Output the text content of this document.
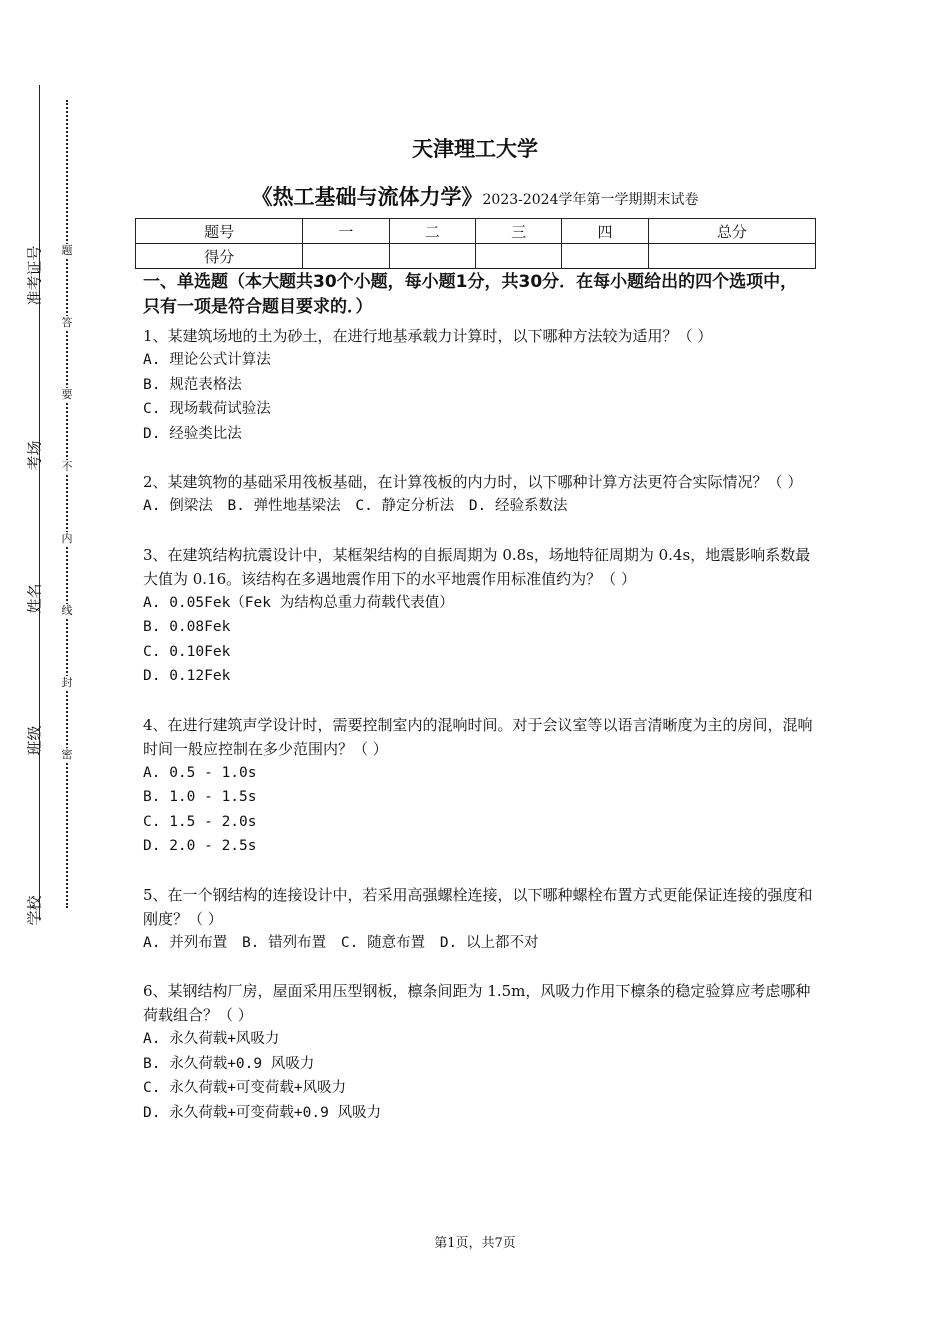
准考证号
考场
姓名
班级
学校
题
答
要
不
内
线
封
密
天津理工大学
《热工基础与流体力学》2023-2024学年第一学期期末试卷
题号	一	二	三	四	总分
得分					
一、单选题（本大题共30个小题，每小题1分，共30分．在每小题给出的四个选项中，只有一项是符合题目要求的．）
1、某建筑场地的土为砂土，在进行地基承载力计算时，以下哪种方法较为适用？（ ）
A. 理论公式计算法
B. 规范表格法
C. 现场载荷试验法
D. 经验类比法
2、某建筑物的基础采用筏板基础，在计算筏板的内力时，以下哪种计算方法更符合实际情况？（ ）
A. 倒梁法 B. 弹性地基梁法 C. 静定分析法 D. 经验系数法
3、在建筑结构抗震设计中，某框架结构的自振周期为 0.8s，场地特征周期为 0.4s，地震影响系数最大值为 0.16。该结构在多遇地震作用下的水平地震作用标准值约为？（ ）
A. 0.05Fek（Fek 为结构总重力荷载代表值）
B. 0.08Fek
C. 0.10Fek
D. 0.12Fek
4、在进行建筑声学设计时，需要控制室内的混响时间。对于会议室等以语言清晰度为主的房间，混响时间一般应控制在多少范围内？（ ）
A. 0.5 - 1.0s
B. 1.0 - 1.5s
C. 1.5 - 2.0s
D. 2.0 - 2.5s
5、在一个钢结构的连接设计中，若采用高强螺栓连接，以下哪种螺栓布置方式更能保证连接的强度和刚度？（ ）
A. 并列布置 B. 错列布置 C. 随意布置 D. 以上都不对
6、某钢结构厂房，屋面采用压型钢板，檩条间距为 1.5m，风吸力作用下檩条的稳定验算应考虑哪种荷载组合？（ ）
A. 永久荷载+风吸力
B. 永久荷载+0.9 风吸力
C. 永久荷载+可变荷载+风吸力
D. 永久荷载+可变荷载+0.9 风吸力
第1页，共7页
